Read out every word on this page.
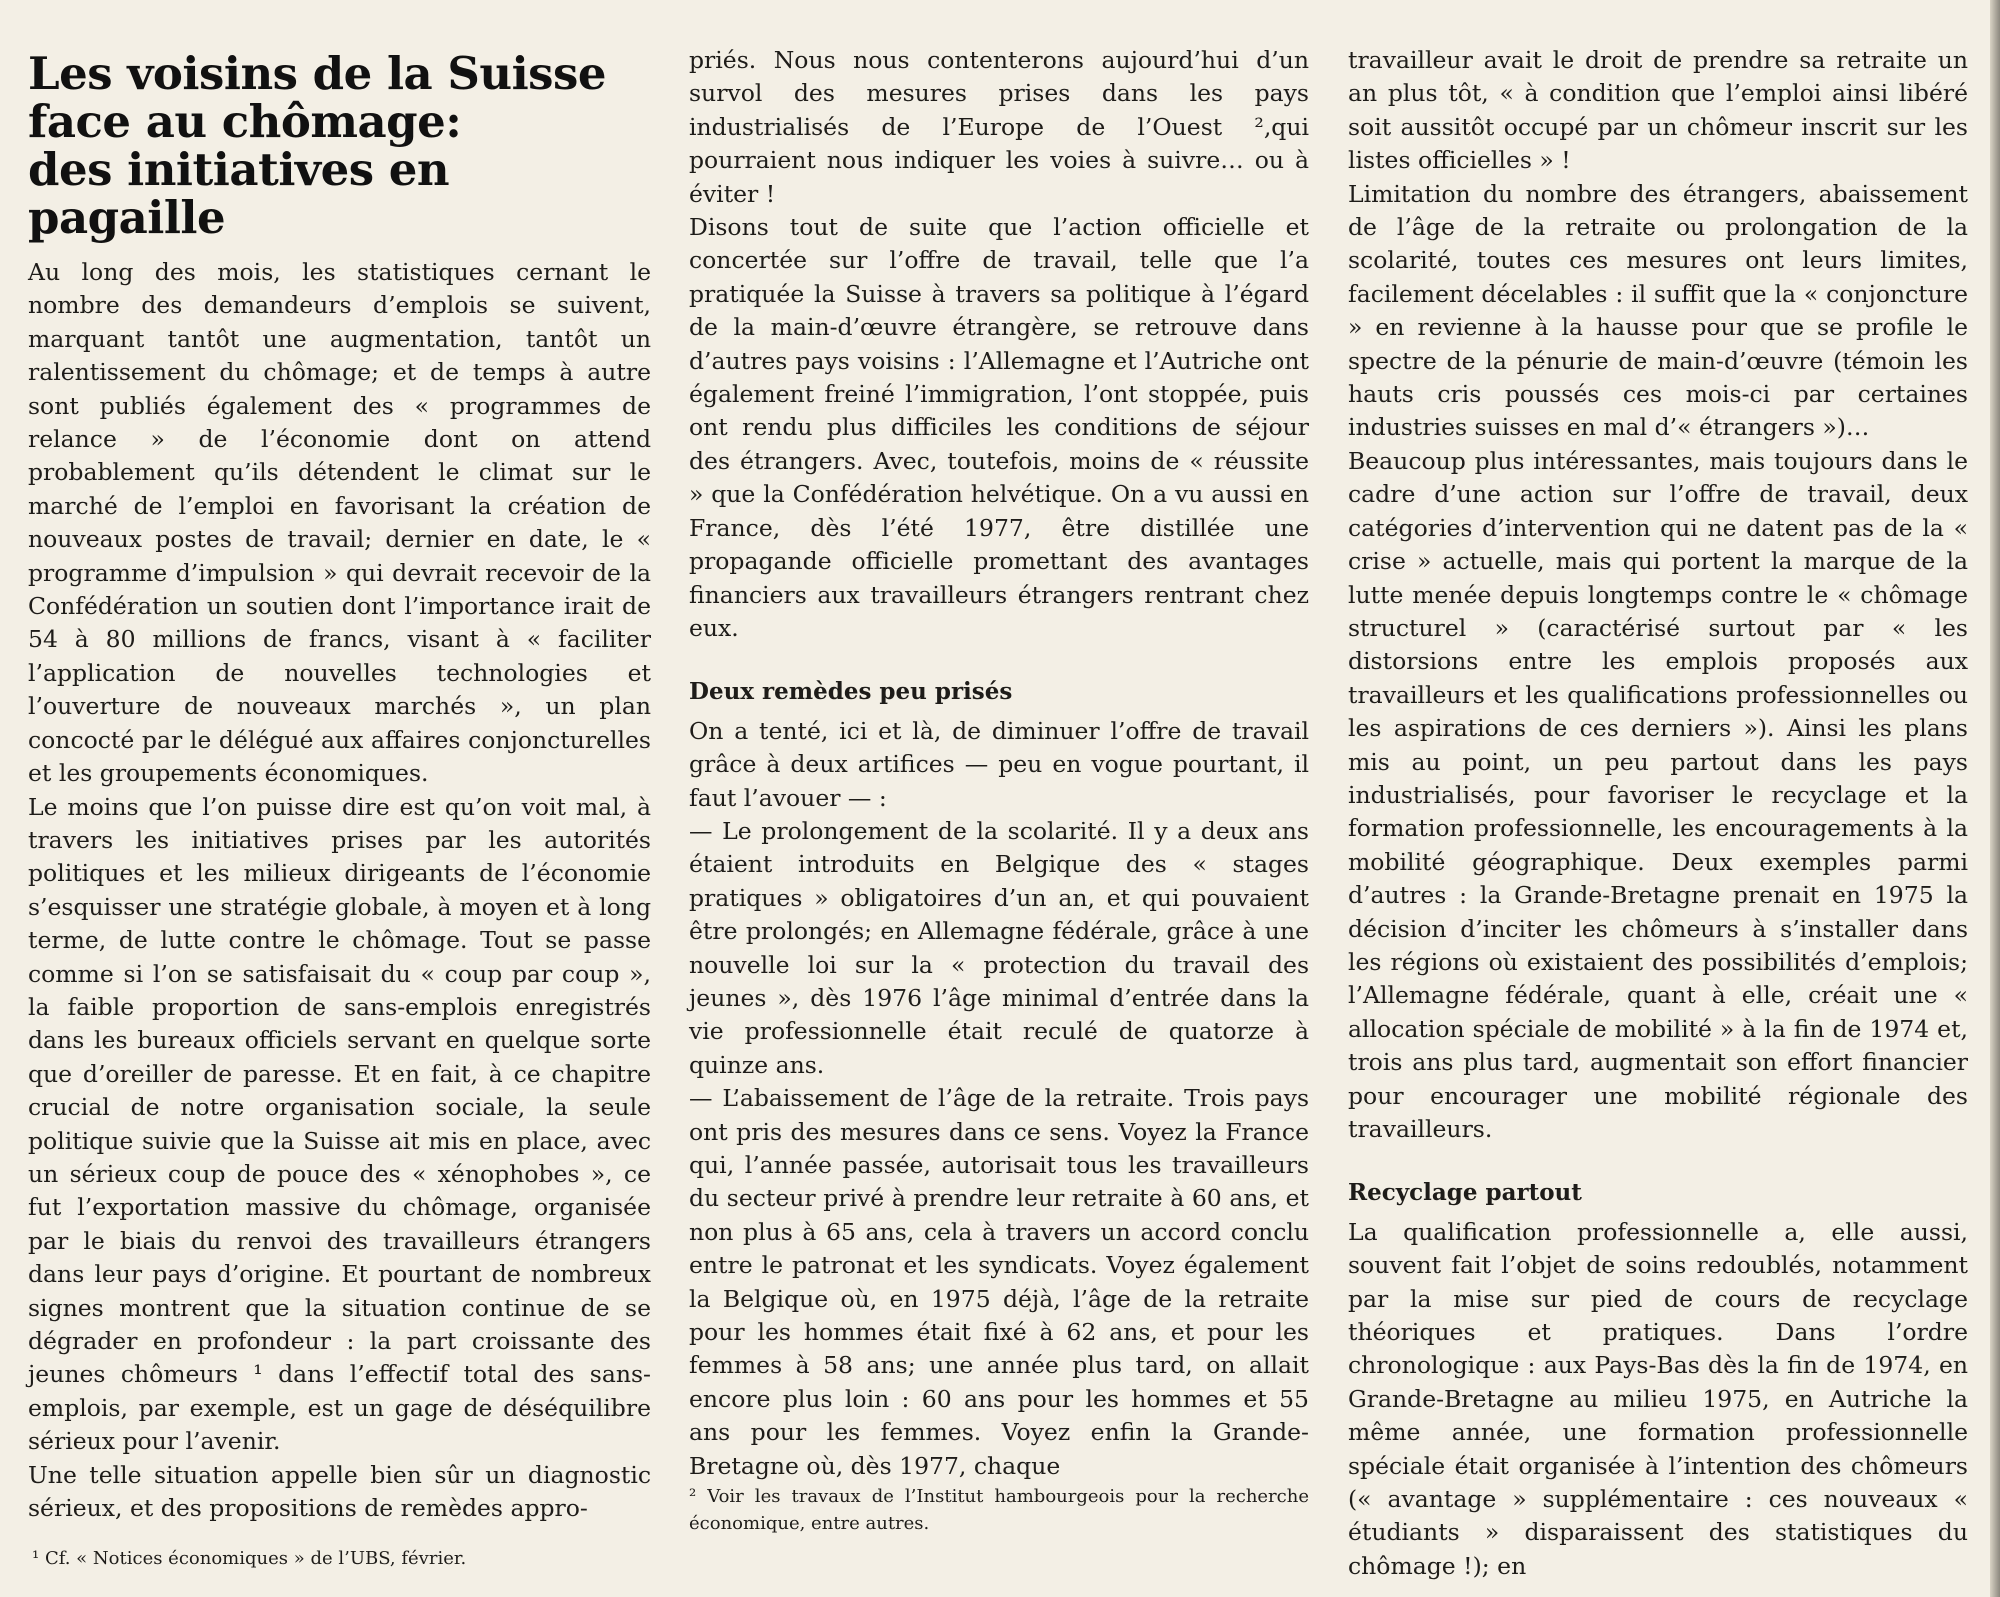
Les voisins de la Suisse
face au chômage:
des initiatives en pagaille

Au long des mois, les statistiques cernant le nombre des demandeurs d’emplois se suivent, marquant tantôt une augmentation, tantôt un ralentissement du chômage; et de temps à autre sont publiés également des « programmes de relance » de l’économie dont on attend probablement qu’ils détendent le climat sur le marché de l’emploi en favorisant la création de nouveaux postes de travail; dernier en date, le « programme d’impulsion » qui devrait recevoir de la Confédération un soutien dont l’importance irait de 54 à 80 millions de francs, visant à « faciliter l’application de nouvelles technologies et l’ouverture de nouveaux marchés », un plan concocté par le délégué aux affaires conjoncturelles et les groupements économiques.

Le moins que l’on puisse dire est qu’on voit mal, à travers les initiatives prises par les autorités politiques et les milieux dirigeants de l’économie s’esquisser une stratégie globale, à moyen et à long terme, de lutte contre le chômage. Tout se passe comme si l’on se satisfaisait du « coup par coup », la faible proportion de sans-emplois enregistrés dans les bureaux officiels servant en quelque sorte que d’oreiller de paresse. Et en fait, à ce chapitre crucial de notre organisation sociale, la seule politique suivie que la Suisse ait mis en place, avec un sérieux coup de pouce des « xénophobes », ce fut l’exportation massive du chômage, organisée par le biais du renvoi des travailleurs étrangers dans leur pays d’origine. Et pourtant de nombreux signes montrent que la situation continue de se dégrader en profondeur : la part croissante des jeunes chômeurs ¹ dans l’effectif total des sans-emplois, par exemple, est un gage de déséquilibre sérieux pour l’avenir.

Une telle situation appelle bien sûr un diagnostic sérieux, et des propositions de remèdes appro-

¹ Cf. « Notices économiques » de l’UBS, février.

priés. Nous nous contenterons aujourd’hui d’un survol des mesures prises dans les pays industrialisés de l’Europe de l’Ouest ²,qui pourraient nous indiquer les voies à suivre… ou à éviter !

Disons tout de suite que l’action officielle et concertée sur l’offre de travail, telle que l’a pratiquée la Suisse à travers sa politique à l’égard de la main-d’œuvre étrangère, se retrouve dans d’autres pays voisins : l’Allemagne et l’Autriche ont également freiné l’immigration, l’ont stoppée, puis ont rendu plus difficiles les conditions de séjour des étrangers. Avec, toutefois, moins de « réussite » que la Confédération helvétique. On a vu aussi en France, dès l’été 1977, être distillée une propagande officielle promettant des avantages financiers aux travailleurs étrangers rentrant chez eux.

Deux remèdes peu prisés

On a tenté, ici et là, de diminuer l’offre de travail grâce à deux artifices — peu en vogue pourtant, il faut l’avouer — :

— Le prolongement de la scolarité. Il y a deux ans étaient introduits en Belgique des « stages pratiques » obligatoires d’un an, et qui pouvaient être prolongés; en Allemagne fédérale, grâce à une nouvelle loi sur la « protection du travail des jeunes », dès 1976 l’âge minimal d’entrée dans la vie professionnelle était reculé de quatorze à quinze ans.

— L’abaissement de l’âge de la retraite. Trois pays ont pris des mesures dans ce sens. Voyez la France qui, l’année passée, autorisait tous les travailleurs du secteur privé à prendre leur retraite à 60 ans, et non plus à 65 ans, cela à travers un accord conclu entre le patronat et les syndicats. Voyez également la Belgique où, en 1975 déjà, l’âge de la retraite pour les hommes était fixé à 62 ans, et pour les femmes à 58 ans; une année plus tard, on allait encore plus loin : 60 ans pour les hommes et 55 ans pour les femmes. Voyez enfin la Grande-Bretagne où, dès 1977, chaque

² Voir les travaux de l’Institut hambourgeois pour la recherche économique, entre autres.

travailleur avait le droit de prendre sa retraite un an plus tôt, « à condition que l’emploi ainsi libéré soit aussitôt occupé par un chômeur inscrit sur les listes officielles » !

Limitation du nombre des étrangers, abaissement de l’âge de la retraite ou prolongation de la scolarité, toutes ces mesures ont leurs limites, facilement décelables : il suffit que la « conjoncture » en revienne à la hausse pour que se profile le spectre de la pénurie de main-d’œuvre (témoin les hauts cris poussés ces mois-ci par certaines industries suisses en mal d’« étrangers »)…

Beaucoup plus intéressantes, mais toujours dans le cadre d’une action sur l’offre de travail, deux catégories d’intervention qui ne datent pas de la « crise » actuelle, mais qui portent la marque de la lutte menée depuis longtemps contre le « chômage structurel » (caractérisé surtout par « les distorsions entre les emplois proposés aux travailleurs et les qualifications professionnelles ou les aspirations de ces derniers »). Ainsi les plans mis au point, un peu partout dans les pays industrialisés, pour favoriser le recyclage et la formation professionnelle, les encouragements à la mobilité géographique. Deux exemples parmi d’autres : la Grande-Bretagne prenait en 1975 la décision d’inciter les chômeurs à s’installer dans les régions où existaient des possibilités d’emplois; l’Allemagne fédérale, quant à elle, créait une « allocation spéciale de mobilité » à la fin de 1974 et, trois ans plus tard, augmentait son effort financier pour encourager une mobilité régionale des travailleurs.

Recyclage partout

La qualification professionnelle a, elle aussi, souvent fait l’objet de soins redoublés, notamment par la mise sur pied de cours de recyclage théoriques et pratiques. Dans l’ordre chronologique : aux Pays-Bas dès la fin de 1974, en Grande-Bretagne au milieu 1975, en Autriche la même année, une formation professionnelle spéciale était organisée à l’intention des chômeurs (« avantage » supplémentaire : ces nouveaux « étudiants » disparaissent des statistiques du chômage !); en
